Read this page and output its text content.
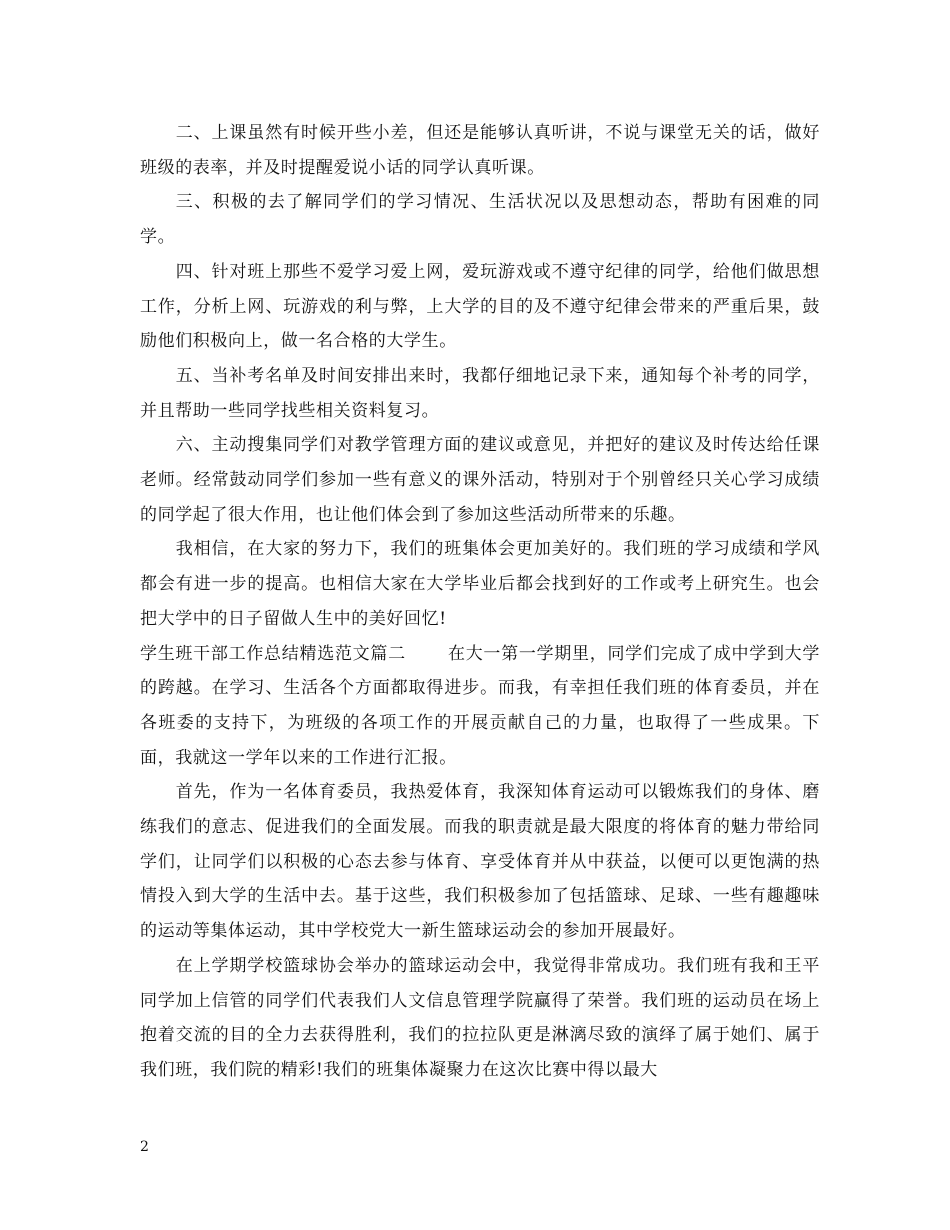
二、上课虽然有时候开些小差，但还是能够认真听讲，不说与课堂无关的话，做好班级的表率，并及时提醒爱说小话的同学认真听课。

三、积极的去了解同学们的学习情况、生活状况以及思想动态，帮助有困难的同学。

四、针对班上那些不爱学习爱上网，爱玩游戏或不遵守纪律的同学，给他们做思想工作，分析上网、玩游戏的利与弊，上大学的目的及不遵守纪律会带来的严重后果，鼓励他们积极向上，做一名合格的大学生。

五、当补考名单及时间安排出来时，我都仔细地记录下来，通知每个补考的同学，并且帮助一些同学找些相关资料复习。

六、主动搜集同学们对教学管理方面的建议或意见，并把好的建议及时传达给任课老师。经常鼓动同学们参加一些有意义的课外活动，特别对于个别曾经只关心学习成绩的同学起了很大作用，也让他们体会到了参加这些活动所带来的乐趣。

我相信，在大家的努力下，我们的班集体会更加美好的。我们班的学习成绩和学风都会有进一步的提高。也相信大家在大学毕业后都会找到好的工作或考上研究生。也会把大学中的日子留做人生中的美好回忆!

学生班干部工作总结精选范文篇二 在大一第一学期里，同学们完成了成中学到大学的跨越。在学习、生活各个方面都取得进步。而我，有幸担任我们班的体育委员，并在各班委的支持下，为班级的各项工作的开展贡献自己的力量，也取得了一些成果。下面，我就这一学年以来的工作进行汇报。

首先，作为一名体育委员，我热爱体育，我深知体育运动可以锻炼我们的身体、磨练我们的意志、促进我们的全面发展。而我的职责就是最大限度的将体育的魅力带给同学们，让同学们以积极的心态去参与体育、享受体育并从中获益，以便可以更饱满的热情投入到大学的生活中去。基于这些，我们积极参加了包括篮球、足球、一些有趣趣味的运动等集体运动，其中学校党大一新生篮球运动会的参加开展最好。

在上学期学校篮球协会举办的篮球运动会中，我觉得非常成功。我们班有我和王平同学加上信管的同学们代表我们人文信息管理学院赢得了荣誉。我们班的运动员在场上抱着交流的目的全力去获得胜利，我们的拉拉队更是淋漓尽致的演绎了属于她们、属于我们班，我们院的精彩!我们的班集体凝聚力在这次比赛中得以最大

2
